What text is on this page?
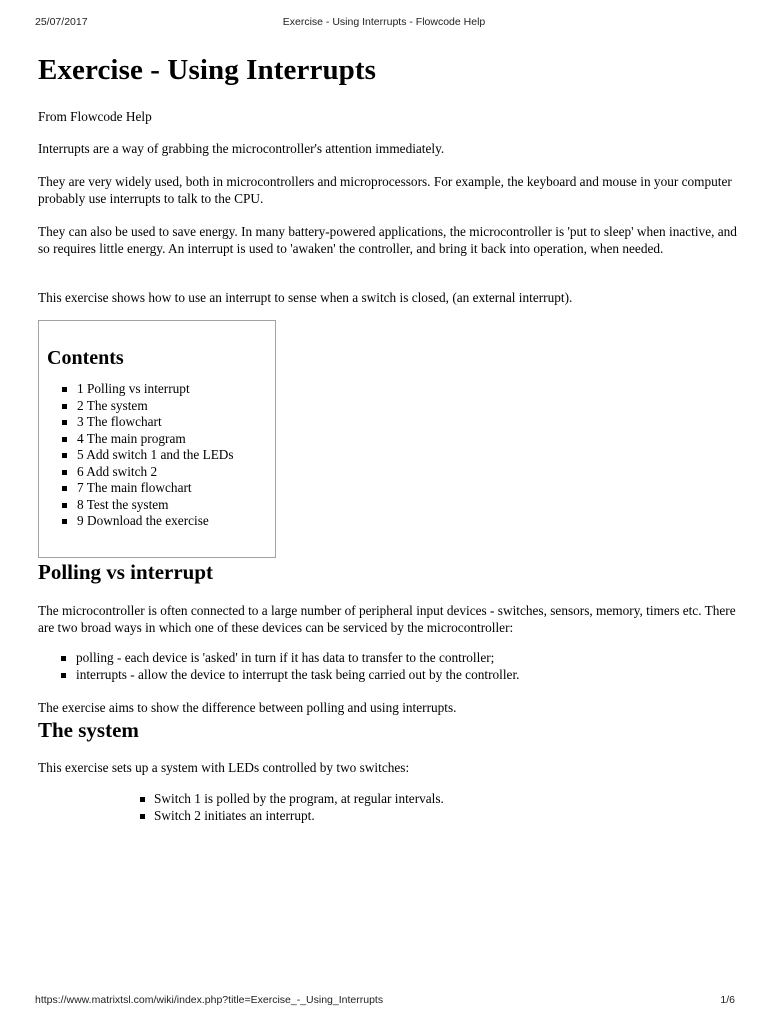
25/07/2017	Exercise - Using Interrupts - Flowcode Help
Exercise - Using Interrupts

From Flowcode Help

Interrupts are a way of grabbing the microcontroller's attention immediately.

They are very widely used, both in microcontrollers and microprocessors. For example, the keyboard and mouse in your computer probably use interrupts to talk to the CPU.

They can also be used to save energy. In many battery-powered applications, the microcontroller is 'put to sleep' when inactive, and so requires little energy. An interrupt is used to 'awaken' the controller, and bring it back into operation, when needed.

This exercise shows how to use an interrupt to sense when a switch is closed, (an external interrupt).

Contents
1 Polling vs interrupt
2 The system
3 The flowchart
4 The main program
5 Add switch 1 and the LEDs
6 Add switch 2
7 The main flowchart
8 Test the system
9 Download the exercise
Polling vs interrupt

The microcontroller is often connected to a large number of peripheral input devices - switches, sensors, memory, timers etc. There are two broad ways in which one of these devices can be serviced by the microcontroller:

polling - each device is 'asked' in turn if it has data to transfer to the controller;
interrupts - allow the device to interrupt the task being carried out by the controller.

The exercise aims to show the difference between polling and using interrupts.

The system

This exercise sets up a system with LEDs controlled by two switches:

Switch 1 is polled by the program, at regular intervals.
Switch 2 initiates an interrupt.
https://www.matrixtsl.com/wiki/index.php?title=Exercise_-_Using_Interrupts	1/6
